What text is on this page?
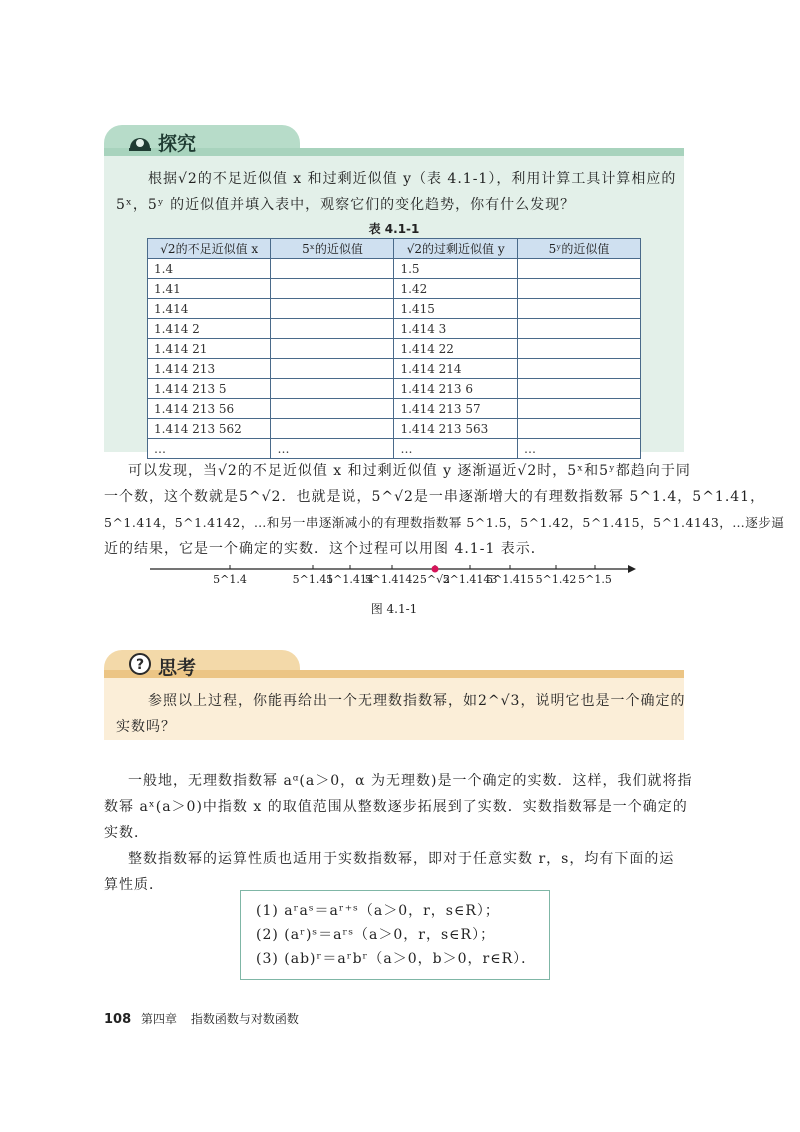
探究
根据√2的不足近似值 x 和过剩近似值 y（表 4.1-1），利用计算工具计算相应的
5ˣ，5ʸ 的近似值并填入表中，观察它们的变化趋势，你有什么发现？
表 4.1-1
√2的不足近似值 x	5ˣ的近似值	√2的过剩近似值 y	5ʸ的近似值
1.4		1.5	
1.41		1.42	
1.414		1.415	
1.414 2		1.414 3	
1.414 21		1.414 22	
1.414 213		1.414 214	
1.414 213 5		1.414 213 6	
1.414 213 56		1.414 213 57	
1.414 213 562		1.414 213 563	
…	…	…	…
可以发现，当√2的不足近似值 x 和过剩近似值 y 逐渐逼近√2时，5ˣ和5ʸ都趋向于同
一个数，这个数就是5^√2．也就是说，5^√2是一串逐渐增大的有理数指数幂 5^1.4，5^1.41，
5^1.414，5^1.4142，…和另一串逐渐减小的有理数指数幂 5^1.5，5^1.42，5^1.415，5^1.4143，…逐步逼
近的结果，它是一个确定的实数．这个过程可以用图 4.1-1 表示．
5^1.4	5^1.41
5^1.414
5^1.4142 5^√2
5^1.4143
5^1.415 5^1.42 5^1.5
图 4.1-1
? 思考
参照以上过程，你能再给出一个无理数指数幂，如2^√3，说明它也是一个确定的
实数吗？
一般地，无理数指数幂 aᵅ(a＞0，α 为无理数)是一个确定的实数．这样，我们就将指
数幂 aˣ(a＞0)中指数 x 的取值范围从整数逐步拓展到了实数．实数指数幂是一个确定的
实数．
整数指数幂的运算性质也适用于实数指数幂，即对于任意实数 r，s，均有下面的运
算性质．
(1) aʳaˢ＝aʳ⁺ˢ（a＞0，r，s∈R）；
(2) (aʳ)ˢ＝aʳˢ（a＞0，r，s∈R）；
(3) (ab)ʳ＝aʳbʳ（a＞0，b＞0，r∈R）．
108 第四章 指数函数与对数函数
